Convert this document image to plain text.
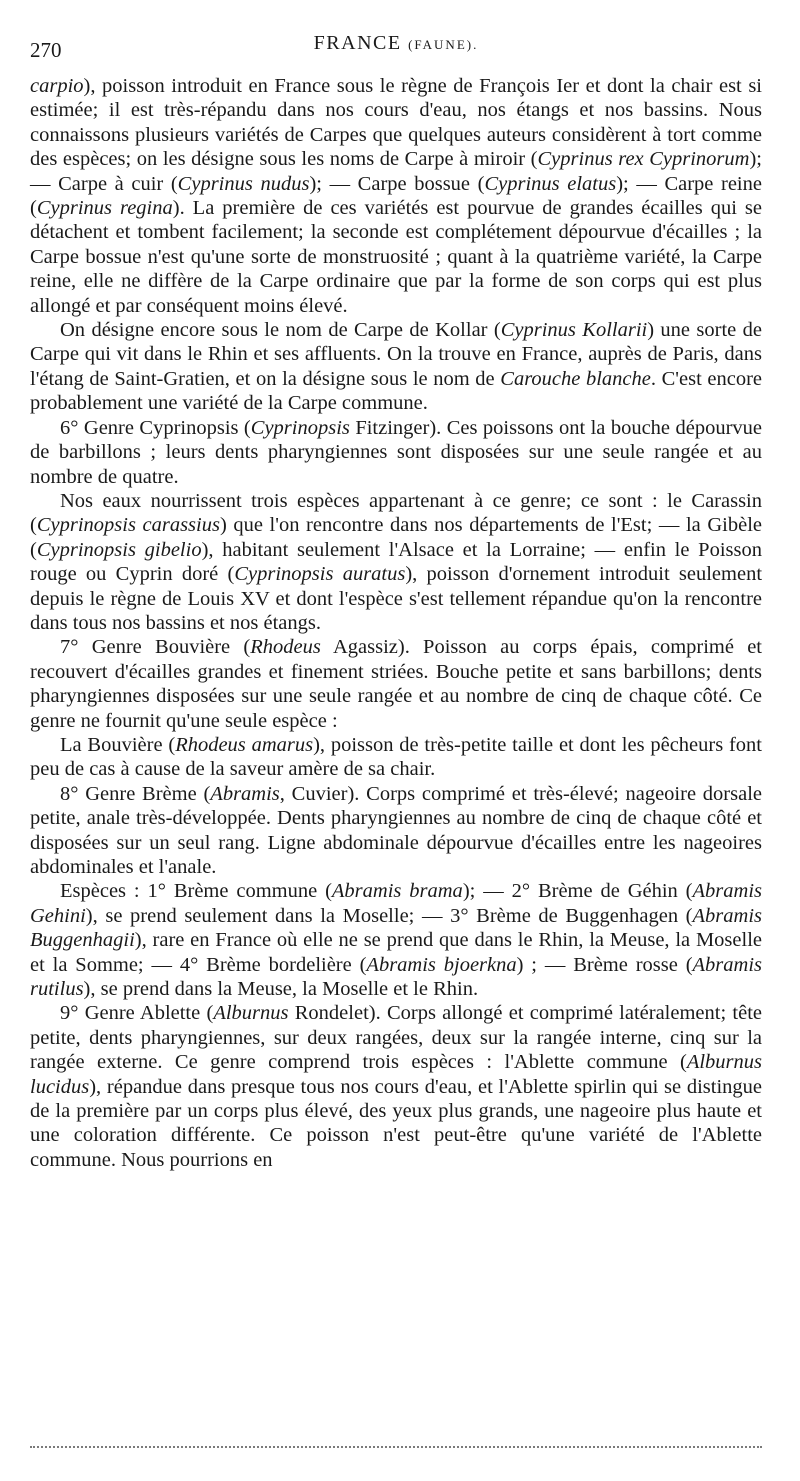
270	FRANCE (FAUNE).

carpio), poisson introduit en France sous le règne de François Ier et dont la chair est si estimée; il est très-répandu dans nos cours d'eau, nos étangs et nos bassins. Nous connaissons plusieurs variétés de Carpes que quelques auteurs considèrent à tort comme des espèces; on les désigne sous les noms de Carpe à miroir (Cyprinus rex Cyprinorum); — Carpe à cuir (Cyprinus nudus); — Carpe bossue (Cyprinus elatus); — Carpe reine (Cyprinus regina). La première de ces variétés est pourvue de grandes écailles qui se détachent et tombent facilement; la seconde est complétement dépourvue d'écailles ; la Carpe bossue n'est qu'une sorte de monstruosité ; quant à la quatrième variété, la Carpe reine, elle ne diffère de la Carpe ordinaire que par la forme de son corps qui est plus allongé et par conséquent moins élevé.

On désigne encore sous le nom de Carpe de Kollar (Cyprinus Kollarii) une sorte de Carpe qui vit dans le Rhin et ses affluents. On la trouve en France, auprès de Paris, dans l'étang de Saint-Gratien, et on la désigne sous le nom de Carouche blanche. C'est encore probablement une variété de la Carpe commune.

6° Genre Cyprinopsis (Cyprinopsis Fitzinger). Ces poissons ont la bouche dépourvue de barbillons ; leurs dents pharyngiennes sont disposées sur une seule rangée et au nombre de quatre.

Nos eaux nourrissent trois espèces appartenant à ce genre; ce sont : le Carassin (Cyprinopsis carassius) que l'on rencontre dans nos départements de l'Est; — la Gibèle (Cyprinopsis gibelio), habitant seulement l'Alsace et la Lorraine; — enfin le Poisson rouge ou Cyprin doré (Cyprinopsis auratus), poisson d'ornement introduit seulement depuis le règne de Louis XV et dont l'espèce s'est tellement répandue qu'on la rencontre dans tous nos bassins et nos étangs.

7° Genre Bouvière (Rhodeus Agassiz). Poisson au corps épais, comprimé et recouvert d'écailles grandes et finement striées. Bouche petite et sans barbillons; dents pharyngiennes disposées sur une seule rangée et au nombre de cinq de chaque côté. Ce genre ne fournit qu'une seule espèce :

La Bouvière (Rhodeus amarus), poisson de très-petite taille et dont les pêcheurs font peu de cas à cause de la saveur amère de sa chair.

8° Genre Brème (Abramis, Cuvier). Corps comprimé et très-élevé; nageoire dorsale petite, anale très-développée. Dents pharyngiennes au nombre de cinq de chaque côté et disposées sur un seul rang. Ligne abdominale dépourvue d'écailles entre les nageoires abdominales et l'anale.

Espèces : 1° Brème commune (Abramis brama); — 2° Brème de Géhin (Abramis Gehini), se prend seulement dans la Moselle; — 3° Brème de Buggenhagen (Abramis Buggenhagii), rare en France où elle ne se prend que dans le Rhin, la Meuse, la Moselle et la Somme; — 4° Brème bordelière (Abramis bjoerkna) ; — Brème rosse (Abramis rutilus), se prend dans la Meuse, la Moselle et le Rhin.

9° Genre Ablette (Alburnus Rondelet). Corps allongé et comprimé latéralement; tête petite, dents pharyngiennes, sur deux rangées, deux sur la rangée interne, cinq sur la rangée externe. Ce genre comprend trois espèces : l'Ablette commune (Alburnus lucidus), répandue dans presque tous nos cours d'eau, et l'Ablette spirlin qui se distingue de la première par un corps plus élevé, des yeux plus grands, une nageoire plus haute et une coloration différente. Ce poisson n'est peut-être qu'une variété de l'Ablette commune. Nous pourrions en
